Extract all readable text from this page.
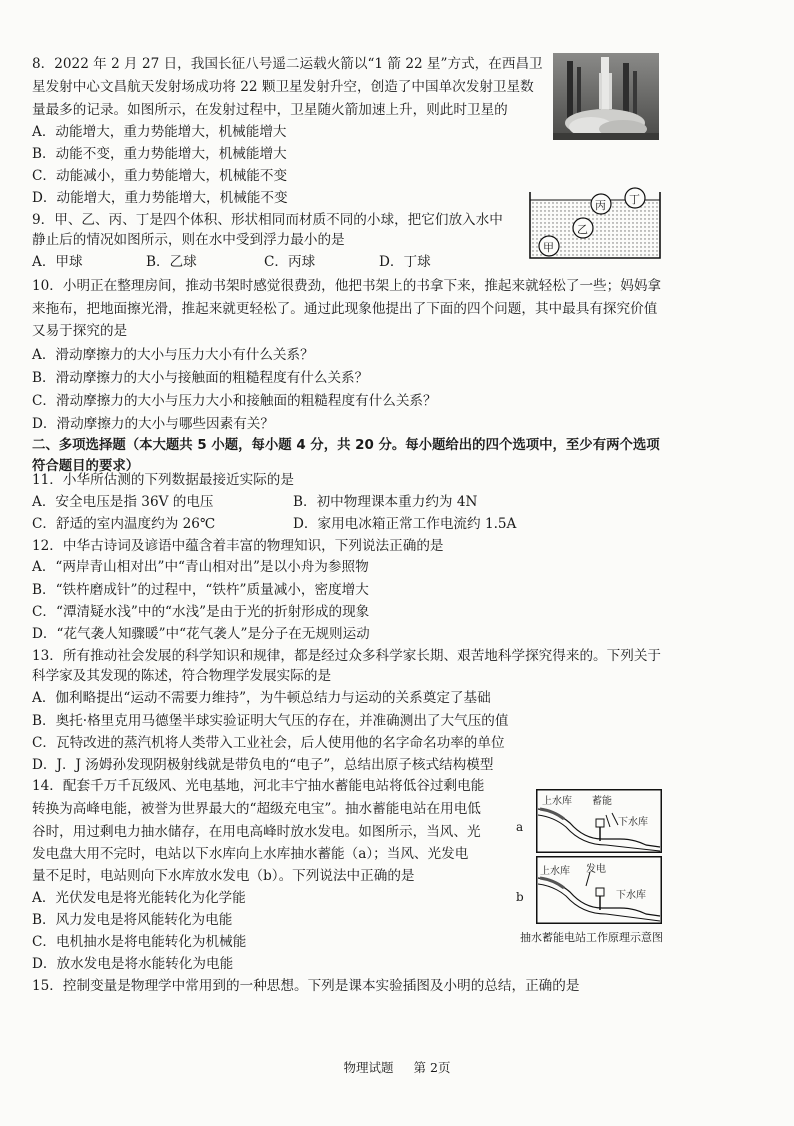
8．2022 年 2 月 27 日，我国长征八号遥二运载火箭以“1 箭 22 星”方式，在西昌卫
星发射中心文昌航天发射场成功将 22 颗卫星发射升空，创造了中国单次发射卫星数
量最多的记录。如图所示，在发射过程中，卫星随火箭加速上升，则此时卫星的
A．动能增大，重力势能增大，机械能增大
B．动能不变，重力势能增大，机械能增大
C．动能减小，重力势能增大，机械能不变
D．动能增大，重力势能增大，机械能不变
9．甲、乙、丙、丁是四个体积、形状相同而材质不同的小球，把它们放入水中
静止后的情况如图所示，则在水中受到浮力最小的是
A．甲球	B．乙球	C．丙球	D．丁球
丙 丁
乙
甲
10．小明正在整理房间，推动书架时感觉很费劲，他把书架上的书拿下来，推起来就轻松了一些；妈妈拿
来拖布，把地面擦光滑，推起来就更轻松了。通过此现象他提出了下面的四个问题，其中最具有探究价值
又易于探究的是
A．滑动摩擦力的大小与压力大小有什么关系？
B．滑动摩擦力的大小与接触面的粗糙程度有什么关系？
C．滑动摩擦力的大小与压力大小和接触面的粗糙程度有什么关系？
D．滑动摩擦力的大小与哪些因素有关？
二、多项选择题（本大题共 5 小题，每小题 4 分，共 20 分。每小题给出的四个选项中，至少有两个选项
符合题目的要求）
11．小华所估测的下列数据最接近实际的是
A．安全电压是指 36V 的电压	B．初中物理课本重力约为 4N
C．舒适的室内温度约为 26℃	D．家用电冰箱正常工作电流约 1.5A
12．中华古诗词及谚语中蕴含着丰富的物理知识，下列说法正确的是
A．“两岸青山相对出”中“青山相对出”是以小舟为参照物
B．“铁杵磨成针”的过程中，“铁杵”质量减小，密度增大
C．“潭清疑水浅”中的“水浅”是由于光的折射形成的现象
D．“花气袭人知骤暖”中“花气袭人”是分子在无规则运动
13．所有推动社会发展的科学知识和规律，都是经过众多科学家长期、艰苦地科学探究得来的。下列关于
科学家及其发现的陈述，符合物理学发展实际的是
A．伽利略提出“运动不需要力维持”，为牛顿总结力与运动的关系奠定了基础
B．奥托·格里克用马德堡半球实验证明大气压的存在，并准确测出了大气压的值
C．瓦特改进的蒸汽机将人类带入工业社会，后人使用他的名字命名功率的单位
D．J．J 汤姆孙发现阴极射线就是带负电的“电子”，总结出原子核式结构模型
14．配套千万千瓦级风、光电基地，河北丰宁抽水蓄能电站将低谷过剩电能
转换为高峰电能，被誉为世界最大的“超级充电宝”。抽水蓄能电站在用电低
谷时，用过剩电力抽水储存，在用电高峰时放水发电。如图所示，当风、光
发电盘大用不完时，电站以下水库向上水库抽水蓄能（a）；当风、光发电
量不足时，电站则向下水库放水发电（b）。下列说法中正确的是
A．光伏发电是将光能转化为化学能
B．风力发电是将风能转化为电能
C．电机抽水是将电能转化为机械能
D．放水发电是将水能转化为电能
a
b
上水库 蓄能
下水库
上水库 发电
下水库
抽水蓄能电站工作原理示意图
15．控制变量是物理学中常用到的一种思想。下列是课本实验插图及小明的总结，正确的是
物理试题 第 2页
